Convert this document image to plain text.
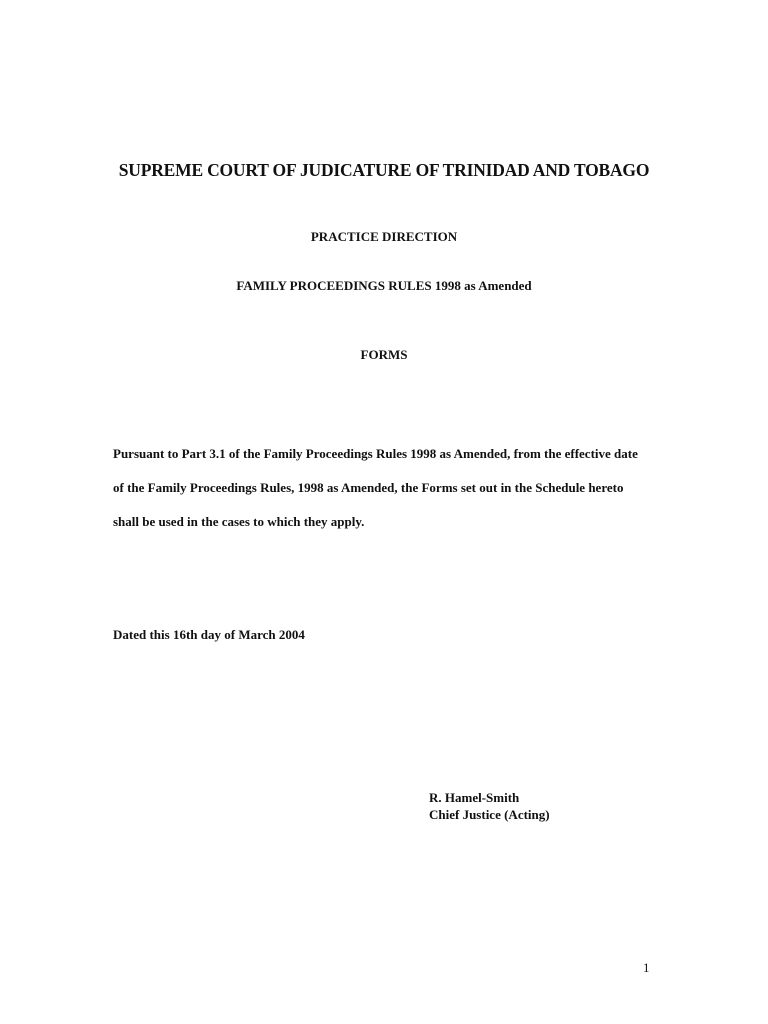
SUPREME COURT OF JUDICATURE OF TRINIDAD AND TOBAGO
PRACTICE DIRECTION
FAMILY PROCEEDINGS RULES 1998 as Amended
FORMS
Pursuant to Part 3.1 of the Family Proceedings Rules 1998 as Amended, from the effective date
of the Family Proceedings Rules, 1998 as Amended, the Forms set out in the Schedule hereto
shall be used in the cases to which they apply.
Dated this 16th day of March 2004
R. Hamel-Smith
Chief Justice (Acting)
1
